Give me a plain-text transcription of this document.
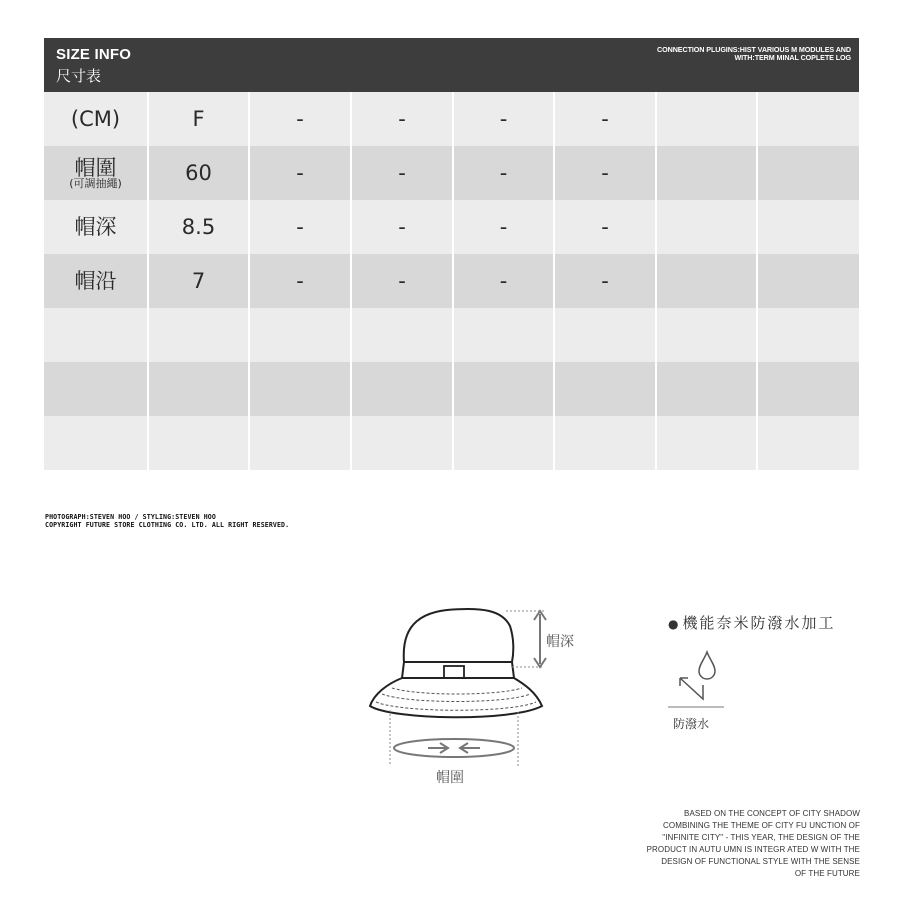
SIZE INFO
尺寸表
CONNECTION PLUGINS:HIST VARIOUS M MODULES AND
WITH:TERM MINAL COPLETE LOG
(CM)	F	-	-	-	-		

帽圍
(可調抽繩)	60	-	-	-	-		

帽深	8.5	-	-	-	-		

帽沿	7	-	-	-	-		

PHOTOGRAPH:STEVEN HOO / STYLING:STEVEN HOO
COPYRIGHT FUTURE STORE CLOTHING CO. LTD. ALL RIGHT RESERVED.
帽深
帽圍
● 機能奈米防潑水加工
防潑水
BASED ON THE CONCEPT OF CITY SHADOW
COMBINING THE THEME OF CITY FU UNCTION OF
"INFINITE CITY" - THIS YEAR, THE DESIGN OF THE
PRODUCT IN AUTU UMN IS INTEGR ATED W WITH THE
DESIGN OF FUNCTIONAL STYLE WITH THE SENSE
OF THE FUTURE
